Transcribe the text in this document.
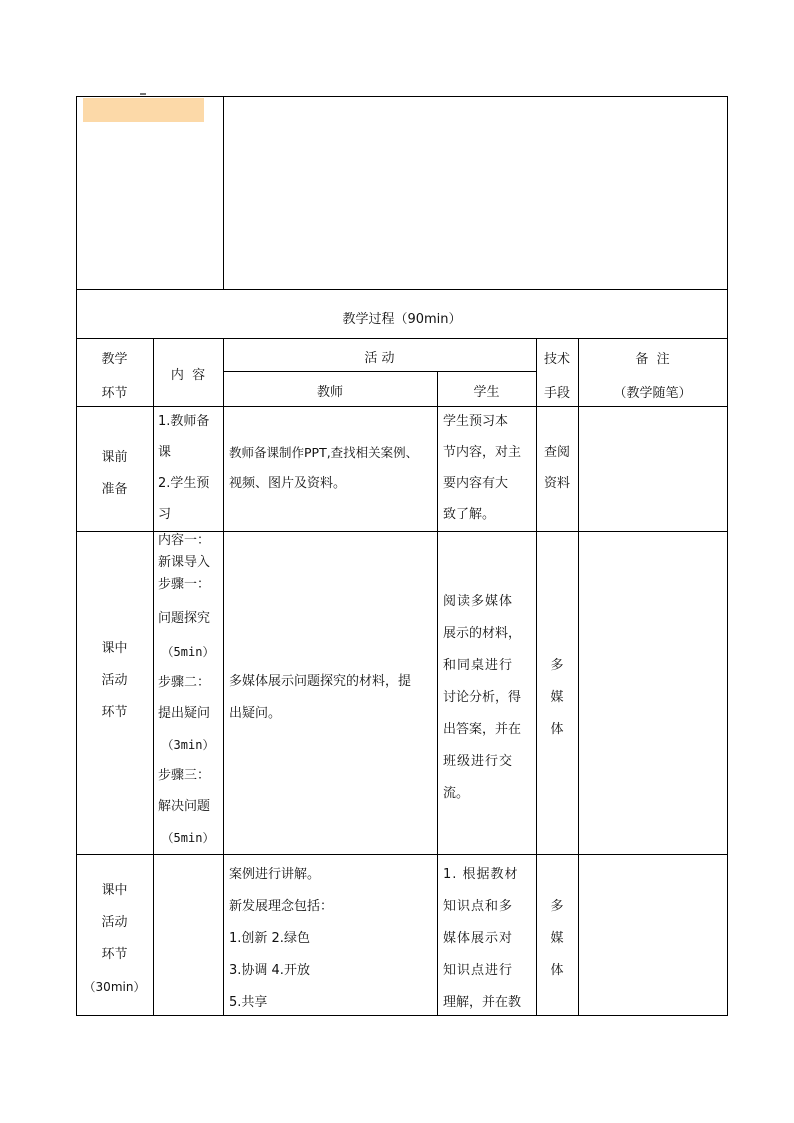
教学过程（90min）
教学
环节
内  容
活 动
教师	学生
技术
手段
备  注
（教学随笔）
课前
准备
1.教师备
课
2.学生预
习
教师备课制作PPT,查找相关案例、
视频、图片及资料。
学生预习本
节内容，对主
要内容有大
致了解。
查阅
资料
课中
活动
环节
内容一：
新课导入
步骤一：
问题探究
（5min）
步骤二：
提出疑问
（3min）
步骤三：
解决问题
（5min）
多媒体展示问题探究的材料，提
出疑问。
阅读多媒体
展示的材料，
和同桌进行
讨论分析，得
出答案，并在
班级进行交
流。
多
媒
体
课中
活动
环节
（30min）
案例进行讲解。
新发展理念包括：
1.创新 2.绿色
3.协调 4.开放
5.共享
1. 根据教材
知识点和多
媒体展示对
知识点进行
理解，并在教
多
媒
体
